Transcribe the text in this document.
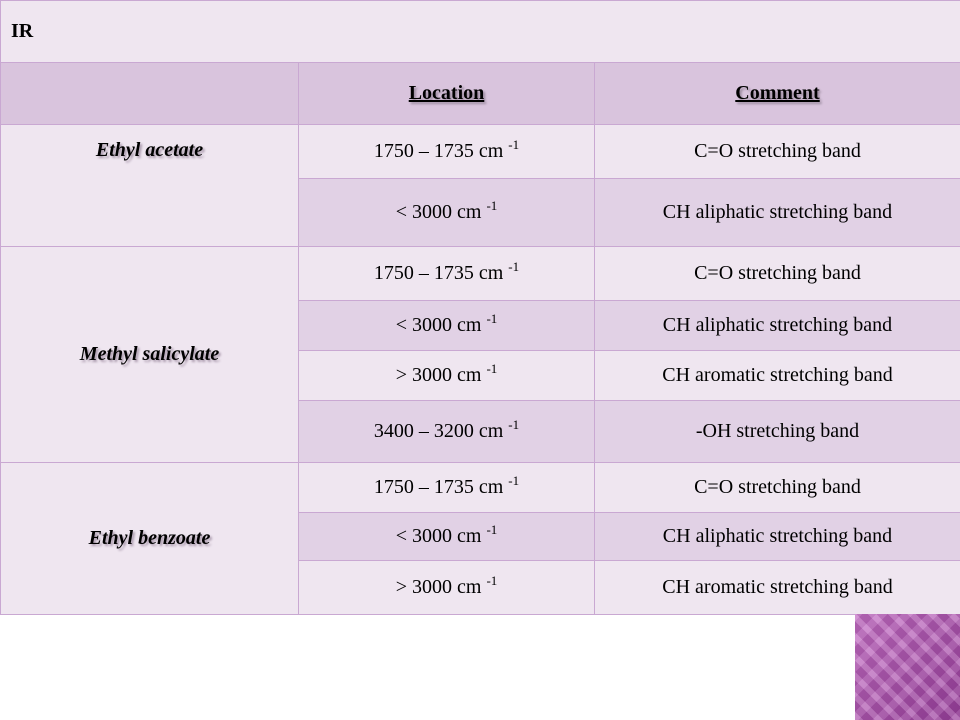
IR		
	Location	Comment
Ethyl acetate	1750 – 1735 cm $^{-1}$	C=O stretching band
	< 3000 cm $^{-1}$	CH aliphatic stretching band
Methyl salicylate	1750 – 1735 cm $^{-1}$	C=O stretching band
	< 3000 cm $^{-1}$	CH aliphatic stretching band
	> 3000 cm $^{-1}$	CH aromatic stretching band
	3400 – 3200 cm $^{-1}$	-OH stretching band
Ethyl benzoate	1750 – 1735 cm $^{-1}$	C=O stretching band
	< 3000 cm $^{-1}$	CH aliphatic stretching band
	> 3000 cm $^{-1}$	CH aromatic stretching band
